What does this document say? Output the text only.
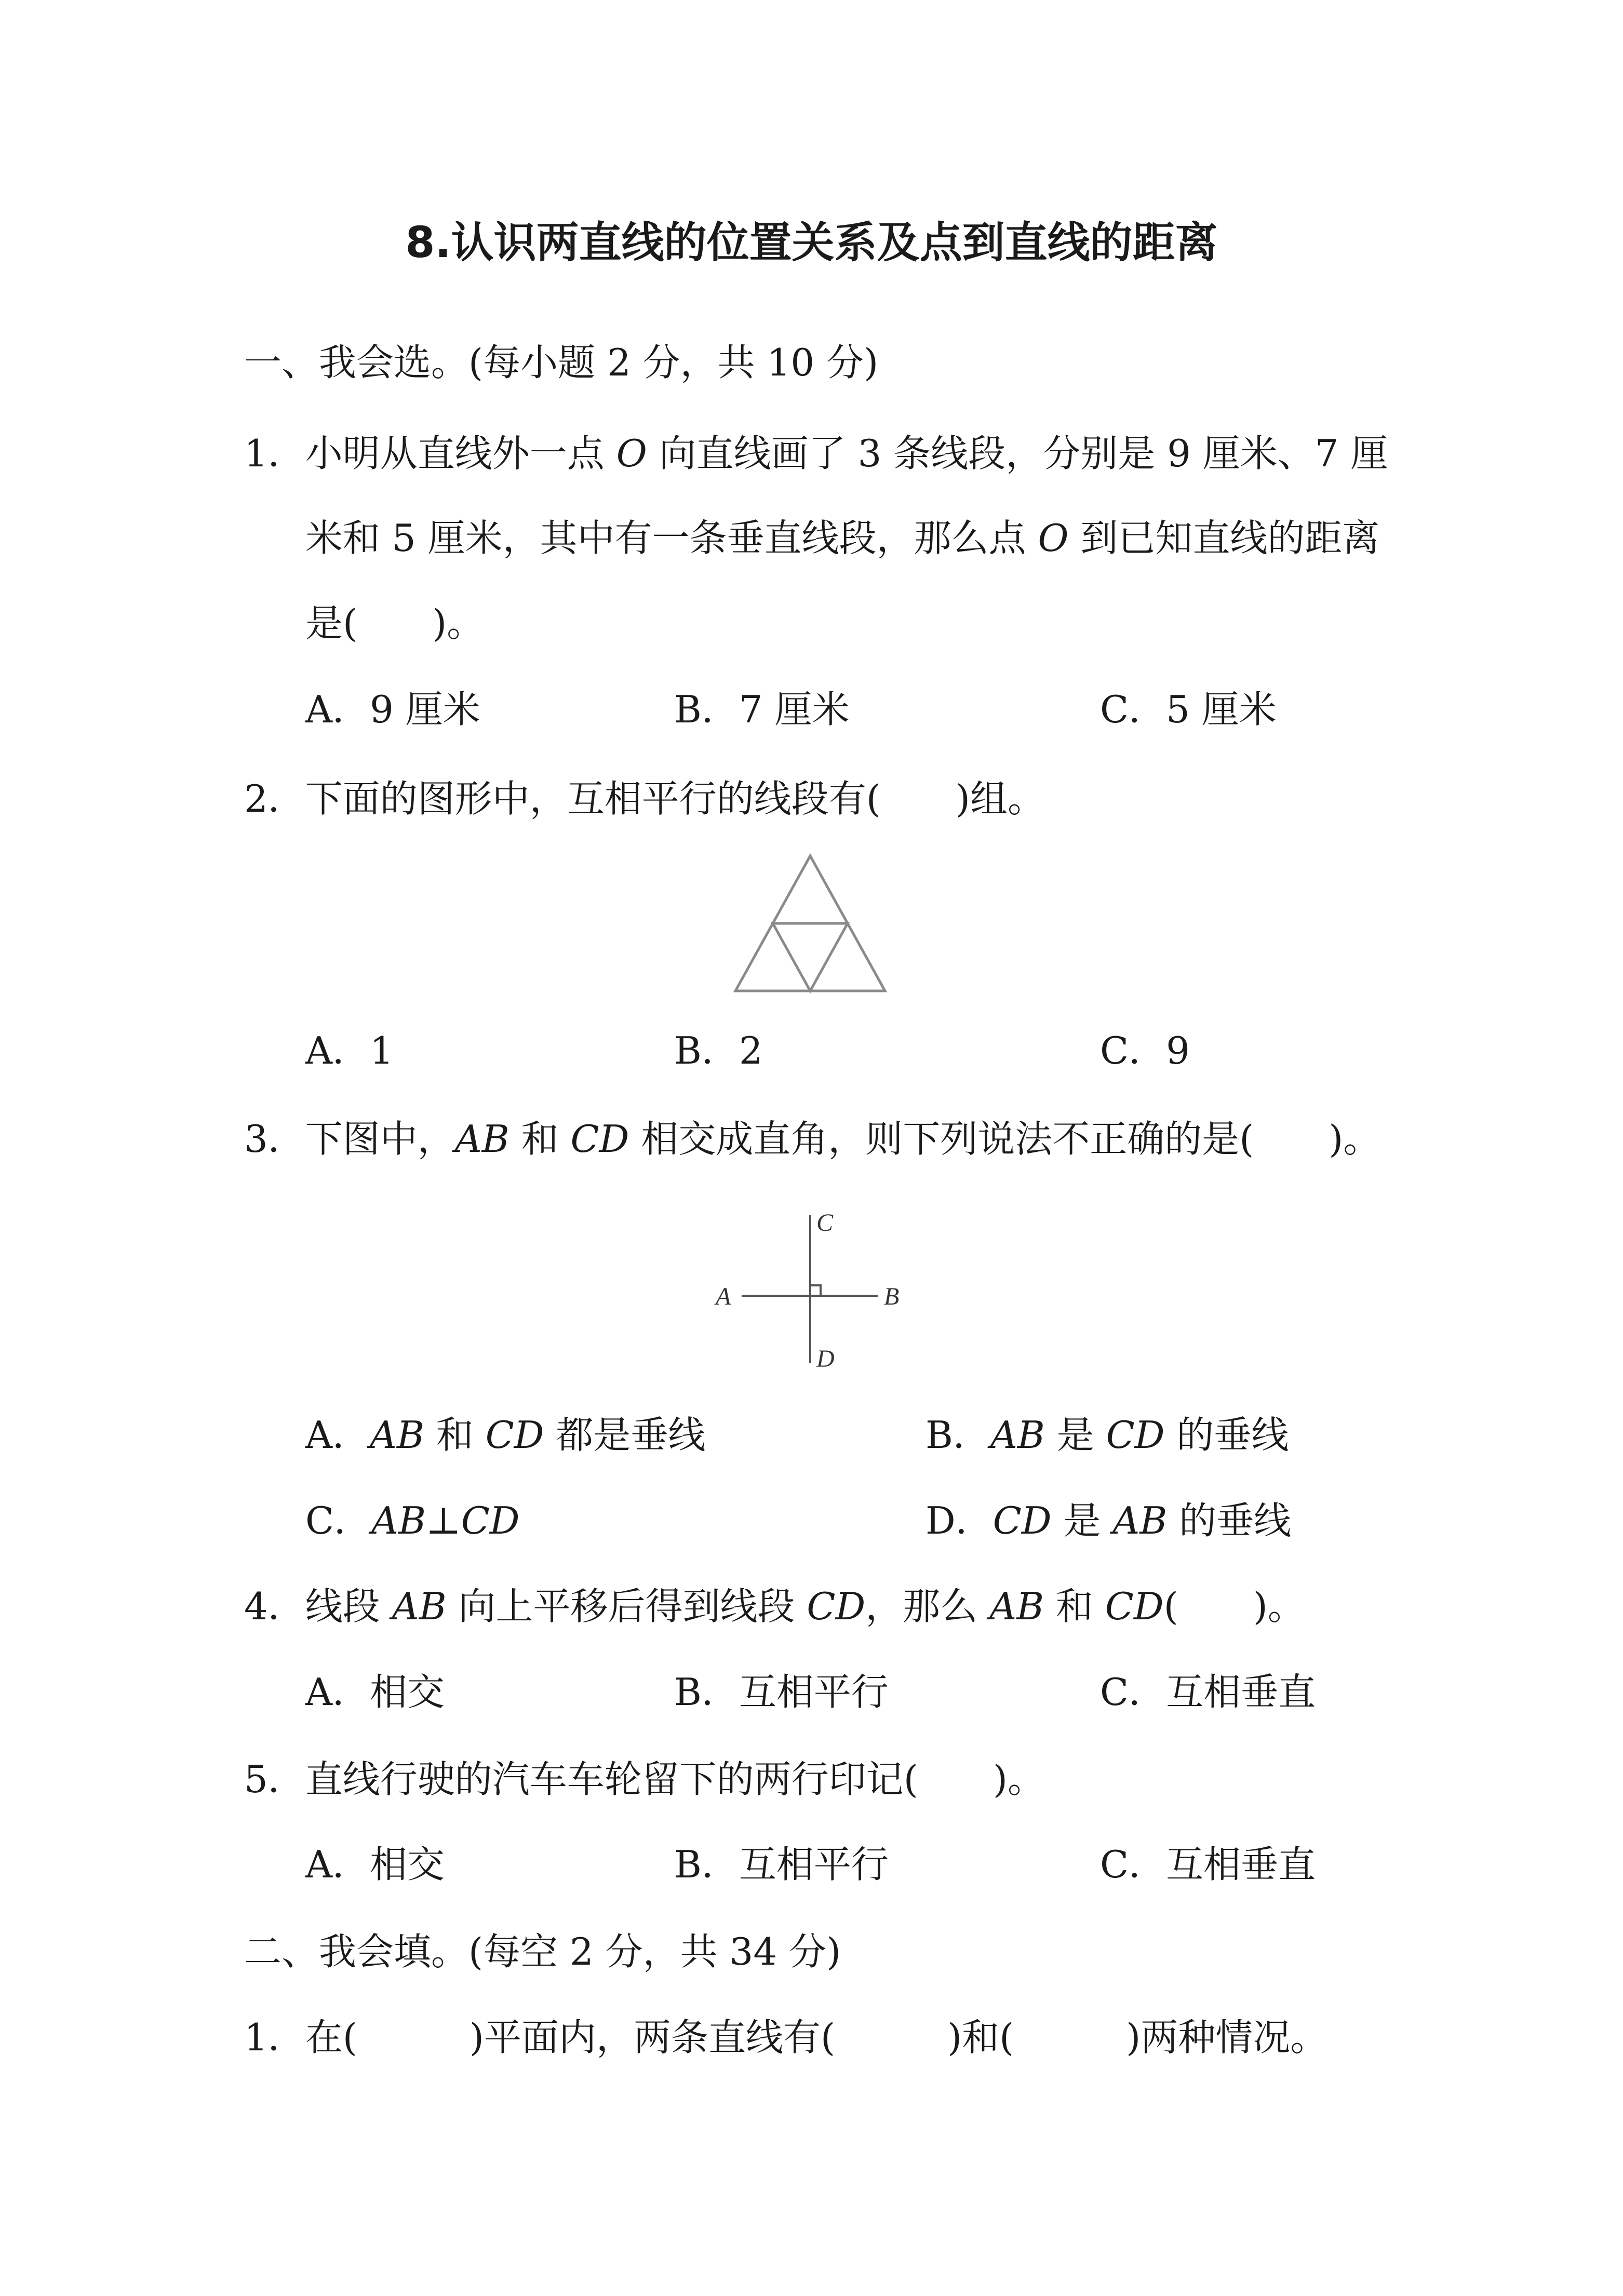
8.认识两直线的位置关系及点到直线的距离
一、我会选。(每小题 2 分，共 10 分)
1．小明从直线外一点 O 向直线画了 3 条线段，分别是 9 厘米、7 厘
米和 5 厘米，其中有一条垂直线段，那么点 O 到已知直线的距离
是(　　)。
A．9 厘米	B．7 厘米	C．5 厘米
2．下面的图形中，互相平行的线段有(　　)组。
A．1	B．2	C．9
3．下图中，AB 和 CD 相交成直角，则下列说法不正确的是(　　)。
A	B
C
D
A．AB 和 CD 都是垂线	B．AB 是 CD 的垂线
C．AB⊥CD	D．CD 是 AB 的垂线
4．线段 AB 向上平移后得到线段 CD，那么 AB 和 CD(　　)。
A．相交	B．互相平行	C．互相垂直
5．直线行驶的汽车车轮留下的两行印记(　　)。
A．相交	B．互相平行	C．互相垂直
二、我会填。(每空 2 分，共 34 分)
1．在(　　　)平面内，两条直线有(　　　)和(　　　)两种情况。
